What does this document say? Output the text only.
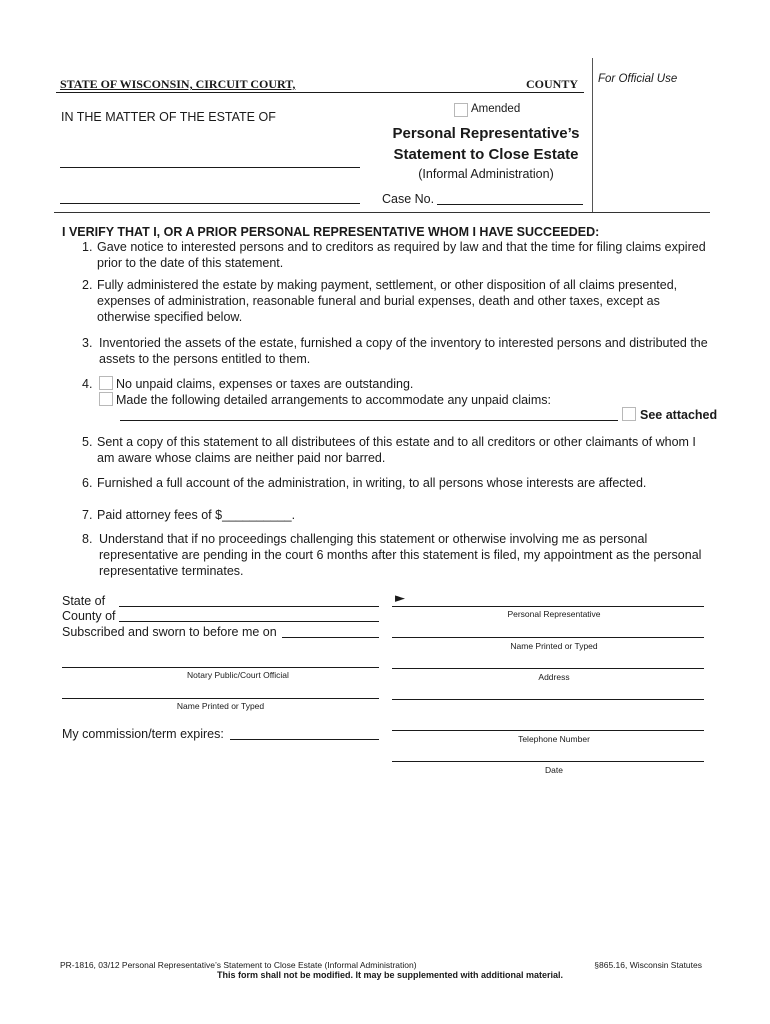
STATE OF WISCONSIN, CIRCUIT COURT,	COUNTY For Official Use
IN THE MATTER OF THE ESTATE OF
Amended
Personal Representative’s
Statement to Close Estate
(Informal Administration)
Case No.
I VERIFY THAT I, OR A PRIOR PERSONAL REPRESENTATIVE WHOM I HAVE SUCCEEDED:
1. Gave notice to interested persons and to creditors as required by law and that the time for filing claims expired
prior to the date of this statement.
2. Fully administered the estate by making payment, settlement, or other disposition of all claims presented,
expenses of administration, reasonable funeral and burial expenses, death and other taxes, except as
otherwise specified below.
3. Inventoried the assets of the estate, furnished a copy of the inventory to interested persons and distributed the
assets to the persons entitled to them.
4. No unpaid claims, expenses or taxes are outstanding.
Made the following detailed arrangements to accommodate any unpaid claims:
See attached
5. Sent a copy of this statement to all distributees of this estate and to all creditors or other claimants of whom I
am aware whose claims are neither paid nor barred.
6. Furnished a full account of the administration, in writing, to all persons whose interests are affected.
7. Paid attorney fees of $__________.
8. Understand that if no proceedings challenging this statement or otherwise involving me as personal
representative are pending in the court 6 months after this statement is filed, my appointment as the personal
representative terminates.
State of
County of
Subscribed and sworn to before me on
Notary Public/Court Official
Name Printed or Typed
My commission/term expires:
►
Personal Representative
Name Printed or Typed
Address
Telephone Number
Date
PR-1816, 03/12 Personal Representative’s Statement to Close Estate (Informal Administration)	§865.16, Wisconsin Statutes
This form shall not be modified. It may be supplemented with additional material.
